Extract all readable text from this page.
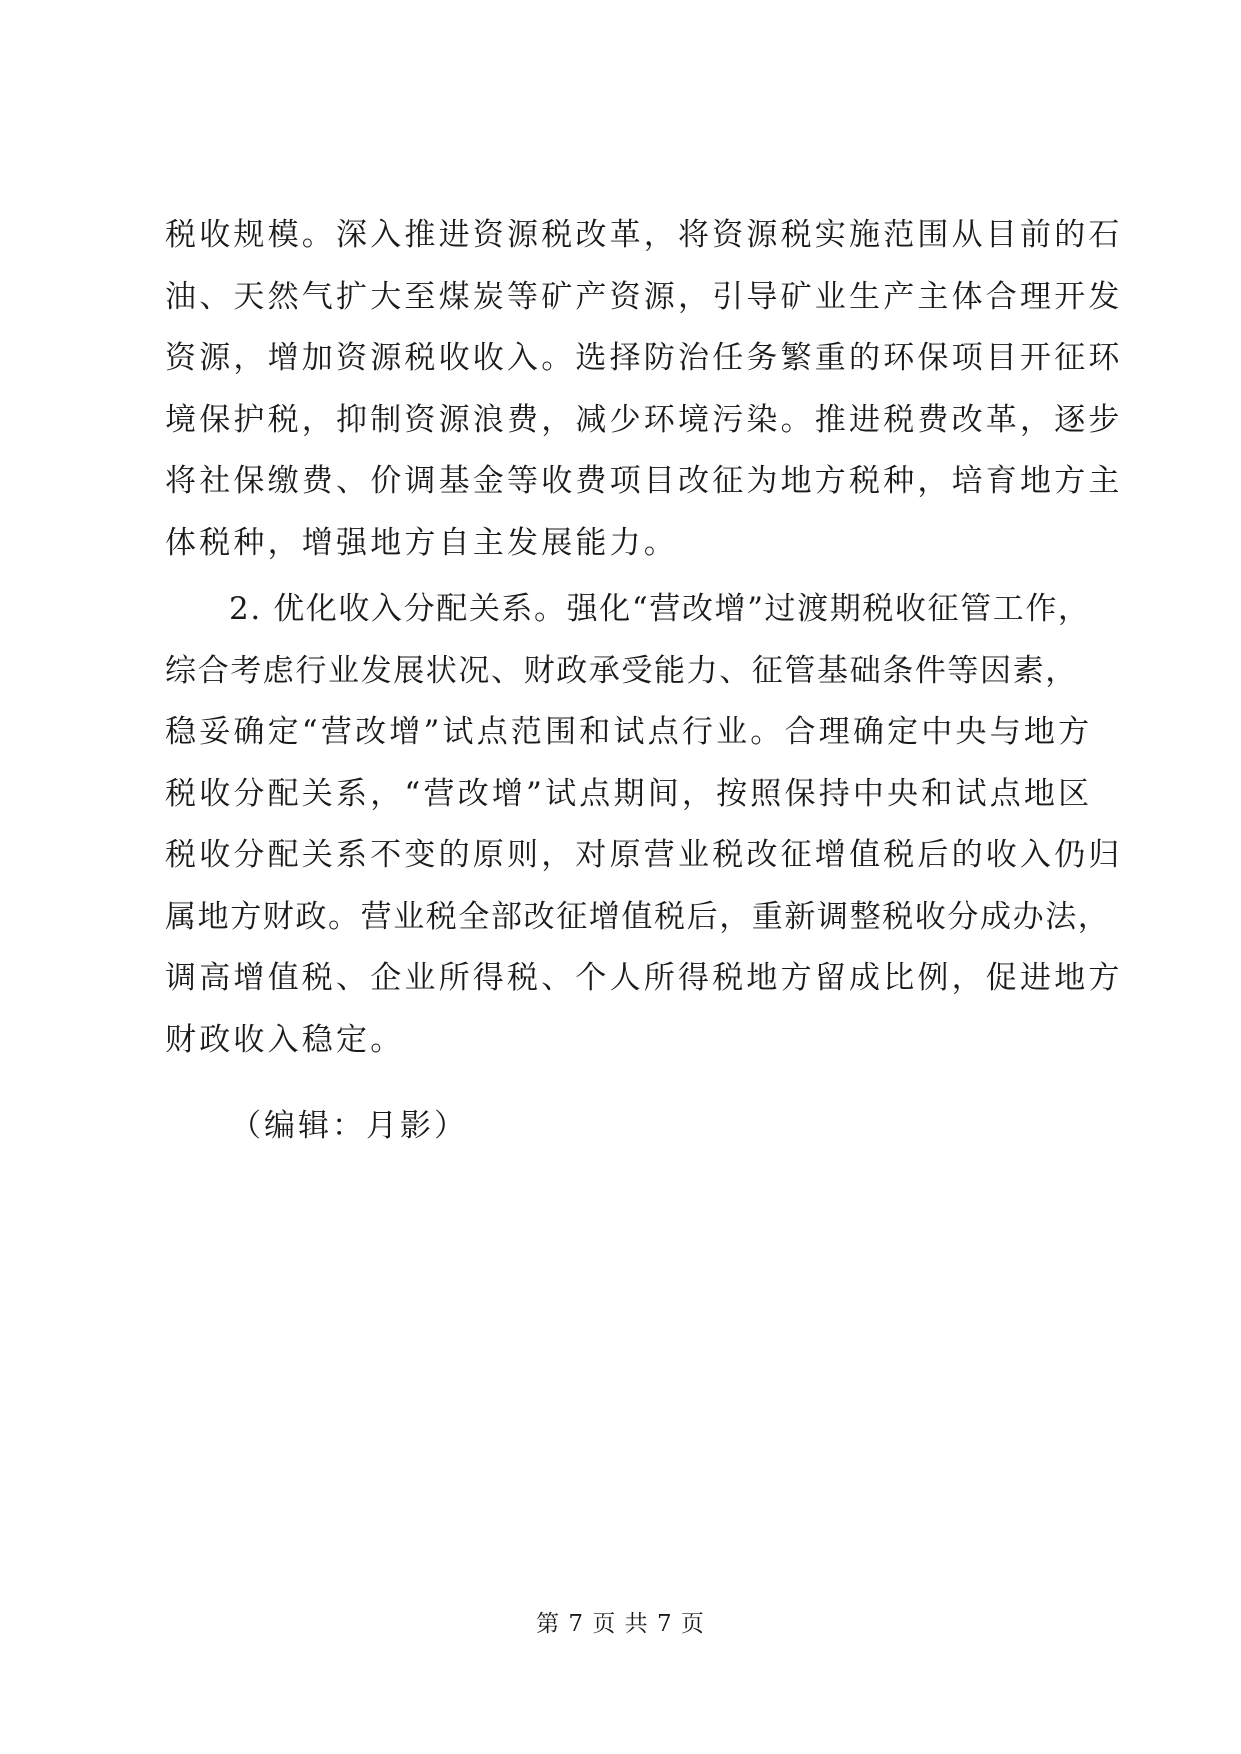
税收规模。深入推进资源税改革，将资源税实施范围从目前的石
油、天然气扩大至煤炭等矿产资源，引导矿业生产主体合理开发
资源，增加资源税收收入。选择防治任务繁重的环保项目开征环
境保护税，抑制资源浪费，减少环境污染。推进税费改革，逐步
将社保缴费、价调基金等收费项目改征为地方税种，培育地方主
体税种，增强地方自主发展能力。
2. 优化收入分配关系。强化“营改增”过渡期税收征管工作，
综合考虑行业发展状况、财政承受能力、征管基础条件等因素，
稳妥确定“营改增”试点范围和试点行业。合理确定中央与地方
税收分配关系，“营改增”试点期间，按照保持中央和试点地区
税收分配关系不变的原则，对原营业税改征增值税后的收入仍归
属地方财政。营业税全部改征增值税后，重新调整税收分成办法，
调高增值税、企业所得税、个人所得税地方留成比例，促进地方
财政收入稳定。
（编辑：月影）
第 7 页 共 7 页
